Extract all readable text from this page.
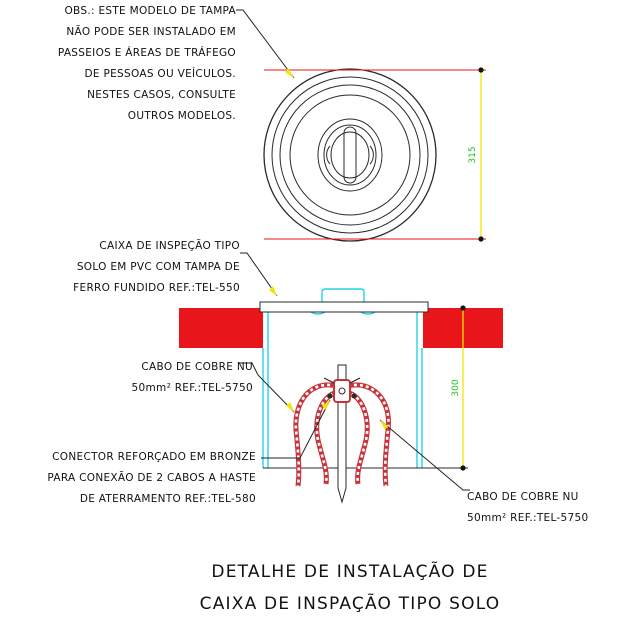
315
300
OBS.: ESTE MODELO DE TAMPA
NÃO PODE SER INSTALADO EM
PASSEIOS E ÁREAS DE TRÁFEGO
DE PESSOAS OU VEÍCULOS.
NESTES CASOS, CONSULTE
OUTROS MODELOS.
CAIXA DE INSPEÇÃO TIPO
SOLO EM PVC COM TAMPA DE
FERRO FUNDIDO REF.:TEL-550
CABO DE COBRE NU
50mm² REF.:TEL-5750
CONECTOR REFORÇADO EM BRONZE
PARA CONEXÃO DE 2 CABOS A HASTE
DE ATERRAMENTO REF.:TEL-580	CABO DE COBRE NU
50mm² REF.:TEL-5750
DETALHE DE INSTALAÇÃO DE
CAIXA DE INSPAÇÃO TIPO SOLO
